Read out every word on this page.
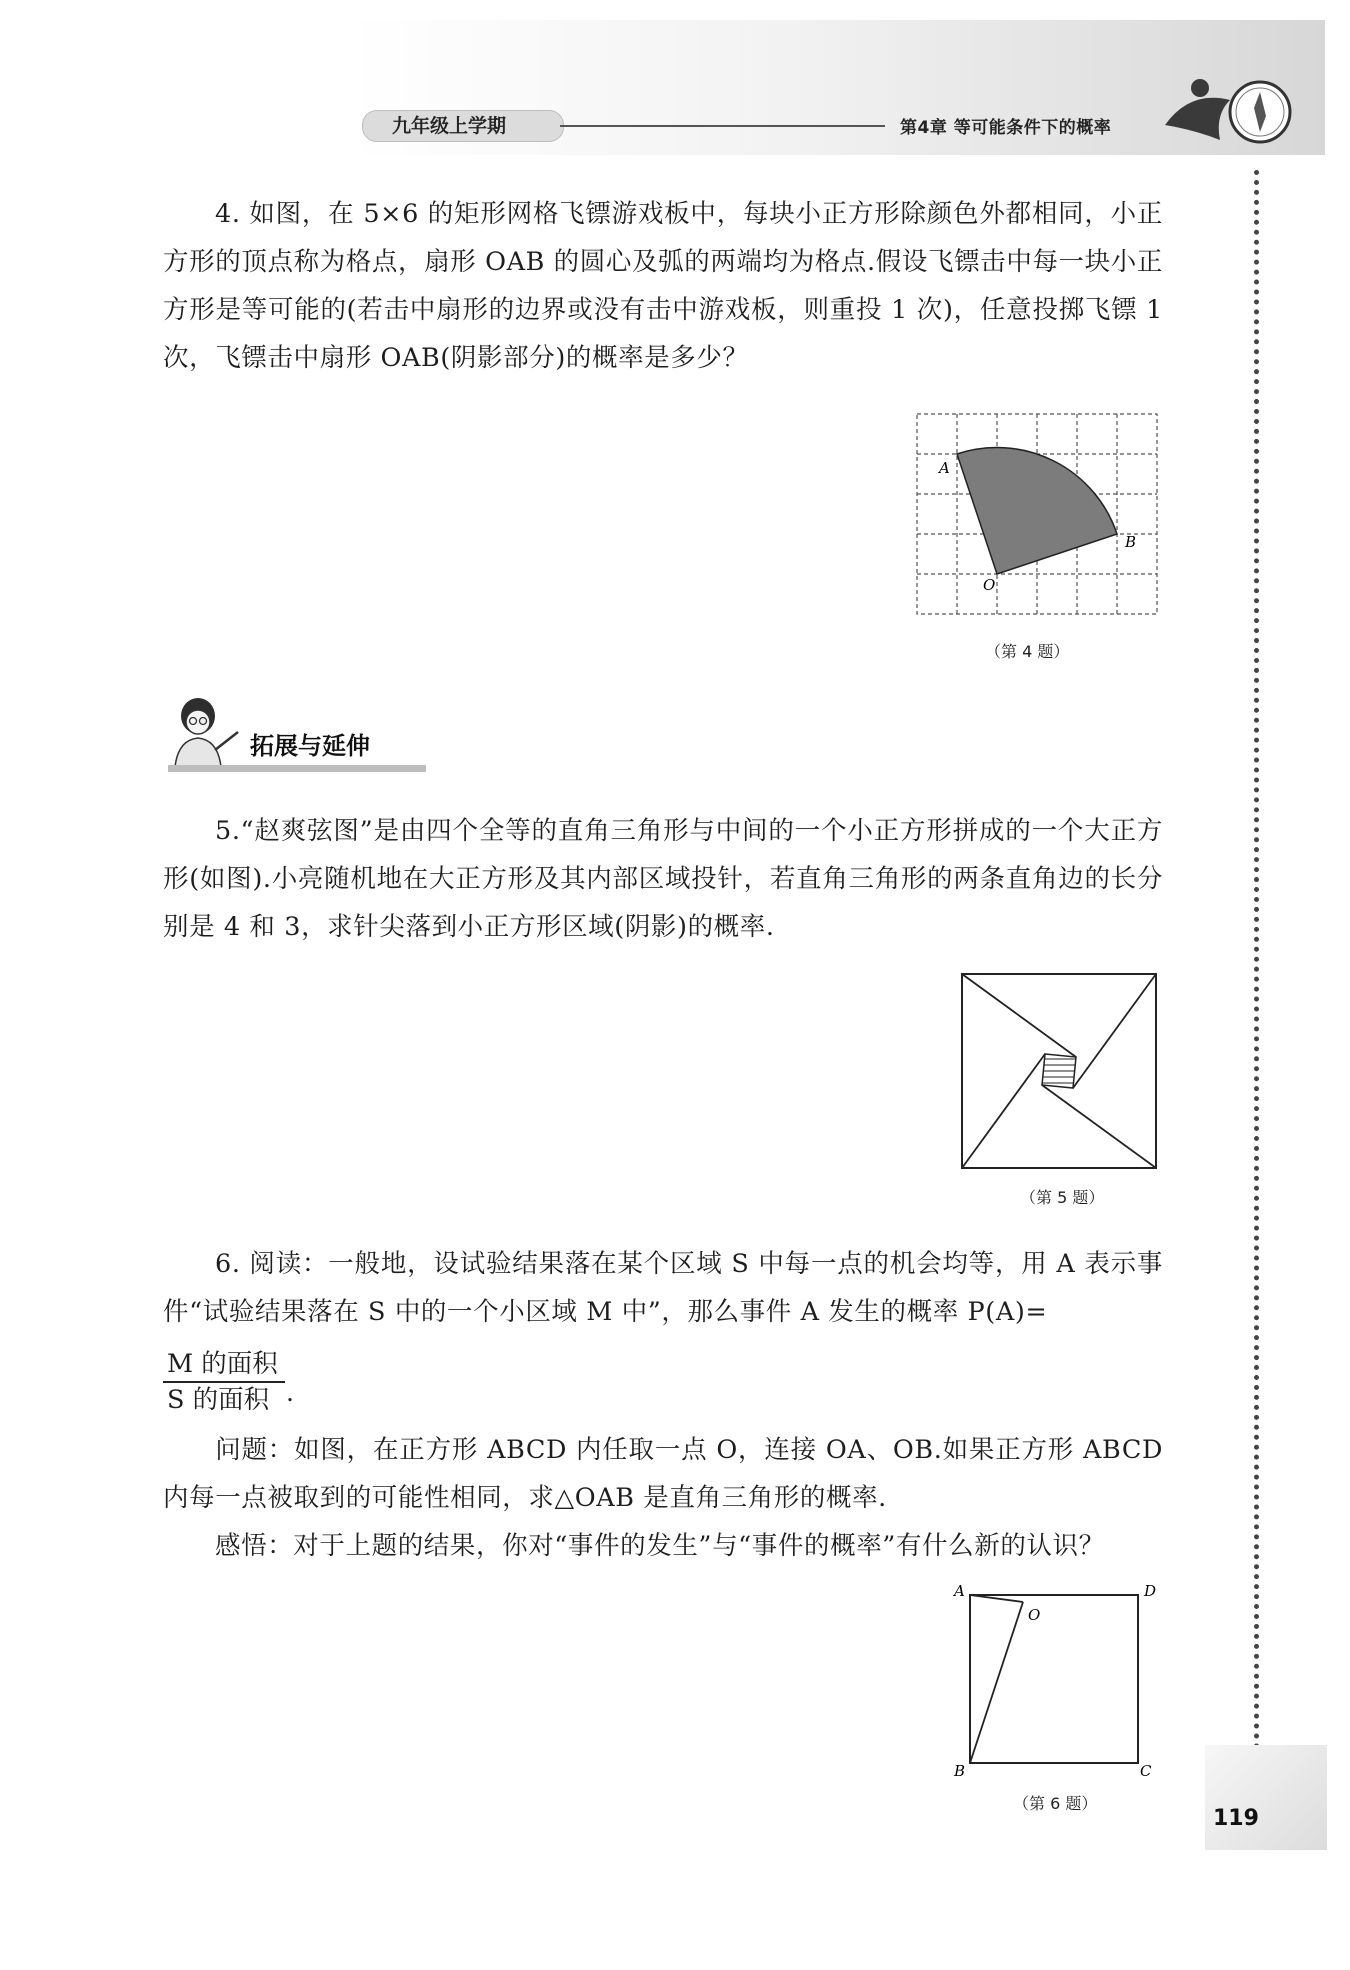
九年级上学期	第4章 等可能条件下的概率
4. 如图，在 5×6 的矩形网格飞镖游戏板中，每块小正方形除颜色外都相同，小正方形的顶点称为格点，扇形 OAB 的圆心及弧的两端均为格点.假设飞镖击中每一块小正方形是等可能的(若击中扇形的边界或没有击中游戏板，则重投 1 次)，任意投掷飞镖 1 次，飞镖击中扇形 OAB(阴影部分)的概率是多少？
A
B
O
（第 4 题）
拓展与延伸
5.“赵爽弦图”是由四个全等的直角三角形与中间的一个小正方形拼成的一个大正方形(如图).小亮随机地在大正方形及其内部区域投针，若直角三角形的两条直角边的长分别是 4 和 3，求针尖落到小正方形区域(阴影)的概率.
（第 5 题）
6. 阅读：一般地，设试验结果落在某个区域 S 中每一点的机会均等，用 A 表示事件“试验结果落在 S 中的一个小区域 M 中”，那么事件 A 发生的概率 P(A)=
M 的面积
S 的面积 .
问题：如图，在正方形 ABCD 内任取一点 O，连接 OA、OB.如果正方形 ABCD 内每一点被取到的可能性相同，求△OAB 是直角三角形的概率.
感悟：对于上题的结果，你对“事件的发生”与“事件的概率”有什么新的认识？
A	D
O
B	C
（第 6 题）
119
